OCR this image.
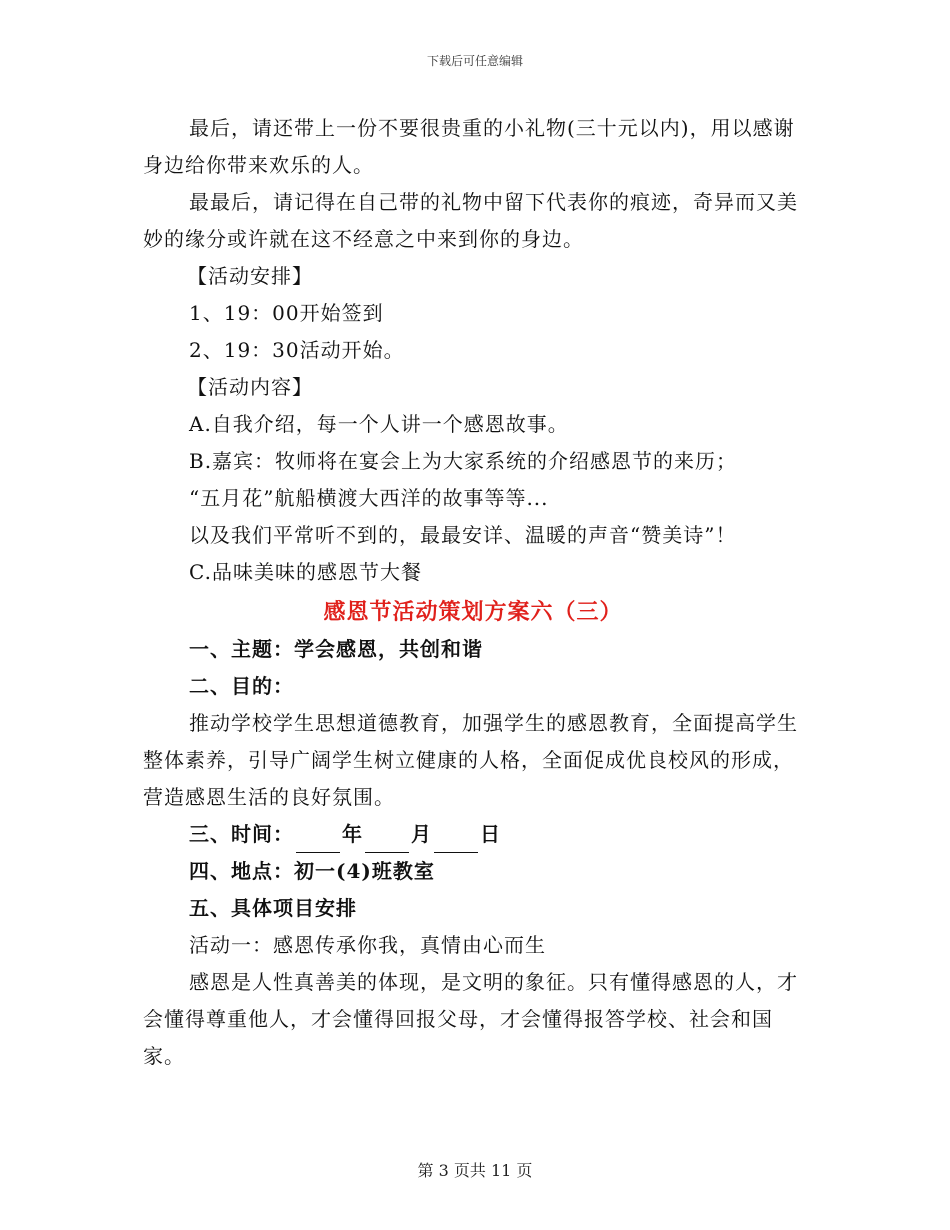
下载后可任意编辑

最后，请还带上一份不要很贵重的小礼物(三十元以内)，用以感谢身边给你带来欢乐的人。

最最后，请记得在自己带的礼物中留下代表你的痕迹，奇异而又美妙的缘分或许就在这不经意之中来到你的身边。

【活动安排】

1、19：00开始签到

2、19：30活动开始。

【活动内容】

A.自我介绍，每一个人讲一个感恩故事。

B.嘉宾：牧师将在宴会上为大家系统的介绍感恩节的来历；

“五月花”航船横渡大西洋的故事等等...

以及我们平常听不到的，最最安详、温暖的声音“赞美诗”！

C.品味美味的感恩节大餐

感恩节活动策划方案六（三）

一、主题：学会感恩，共创和谐

二、目的：

推动学校学生思想道德教育，加强学生的感恩教育，全面提高学生整体素养，引导广阔学生树立健康的人格，全面促成优良校风的形成，营造感恩生活的良好氛围。

三、时间： 年 月 日

四、地点：初一(4)班教室

五、具体项目安排

活动一：感恩传承你我，真情由心而生

感恩是人性真善美的体现，是文明的象征。只有懂得感恩的人，才会懂得尊重他人，才会懂得回报父母，才会懂得报答学校、社会和国家。

第 3 页共 11 页
